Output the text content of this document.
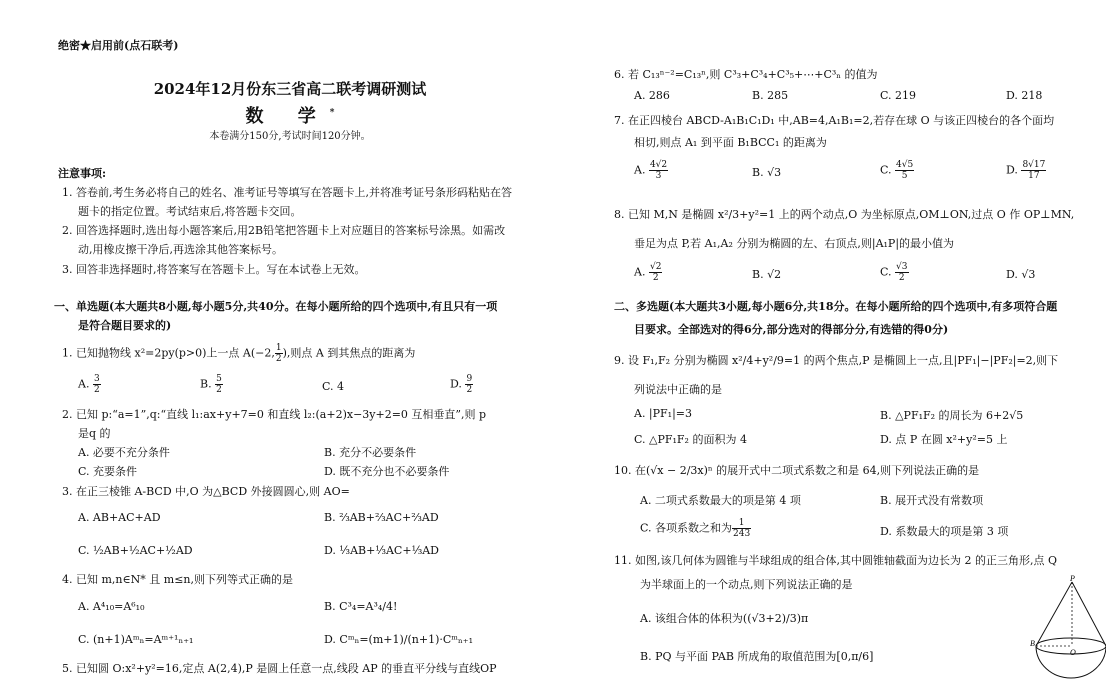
绝密★启用前(点石联考)
2024年12月份东三省高二联考调研测试
数 学*
本卷满分150分,考试时间120分钟。
注意事项:
1. 答卷前,考生务必将自己的姓名、准考证号等填写在答题卡上,并将准考证号条形码粘贴在答
题卡的指定位置。考试结束后,将答题卡交回。
2. 回答选择题时,选出每小题答案后,用2B铅笔把答题卡上对应题目的答案标号涂黑。如需改
动,用橡皮擦干净后,再选涂其他答案标号。
3. 回答非选择题时,将答案写在答题卡上。写在本试卷上无效。
一、单选题(本大题共8小题,每小题5分,共40分。在每小题所给的四个选项中,有且只有一项
是符合题目要求的)
1. 已知抛物线 x²=2py(p>0)上一点 A(−2, $\frac{1}{2}$ ),则点 A 到其焦点的距离为
A. $\frac{3}{2}$	B. $\frac{5}{2}$	C. 4	D. $\frac{9}{2}$
2. 已知 p:“a=1”,q:“直线 l₁:ax+y+7=0 和直线 l₂:(a+2)x−3y+2=0 互相垂直”,则 p
是q 的
A. 必要不充分条件	B. 充分不必要条件
C. 充要条件	D. 既不充分也不必要条件
3. 在正三棱锥 A-BCD 中,O 为△BCD 外接圆圆心,则 AO=
A. AB+AC+AD	B. ⅔AB+⅔AC+⅔AD
C. ½AB+½AC+½AD	D. ⅓AB+⅓AC+⅓AD
4. 已知 m,n∈N* 且 m≤n,则下列等式正确的是
A. A⁴₁₀=A⁶₁₀	B. C³₄=A³₄/4!
C. (n+1)Aᵐₙ=Aᵐ⁺¹ₙ₊₁	D. Cᵐₙ=(m+1)/(n+1)·Cᵐₙ₊₁
5. 已知圆 O:x²+y²=16,定点 A(2,4),P 是圆上任意一点,线段 AP 的垂直平分线与直线OP
6. 若 C₁₃ⁿ⁻²=C₁₃ⁿ,则 C³₃+C³₄+C³₅+⋯+C³ₙ 的值为
A. 286	B. 285	C. 219	D. 218
7. 在正四棱台 ABCD-A₁B₁C₁D₁ 中,AB=4,A₁B₁=2,若存在球 O 与该正四棱台的各个面均
相切,则点 A₁ 到平面 B₁BCC₁ 的距离为
A. $\frac{4√2}{3}$	B. √3	C. $\frac{4√5}{5}$	D. $\frac{8√17}{17}$
8. 已知 M,N 是椭圆 x²/3+y²=1 上的两个动点,O 为坐标原点,OM⊥ON,过点 O 作 OP⊥MN,
垂足为点 P,若 A₁,A₂ 分别为椭圆的左、右顶点,则|A₁P|的最小值为
A. $\frac{√2}{2}$	B. √2	C. $\frac{√3}{2}$	D. √3
二、多选题(本大题共3小题,每小题6分,共18分。在每小题所给的四个选项中,有多项符合题
目要求。全部选对的得6分,部分选对的得部分分,有选错的得0分)
9. 设 F₁,F₂ 分别为椭圆 x²/4+y²/9=1 的两个焦点,P 是椭圆上一点,且|PF₁|−|PF₂|=2,则下
列说法中正确的是
A. |PF₁|=3	B. △PF₁F₂ 的周长为 6+2√5
C. △PF₁F₂ 的面积为 4	D. 点 P 在圆 x²+y²=5 上
10. 在(√x − 2/3x)ⁿ 的展开式中二项式系数之和是 64,则下列说法正确的是
A. 二项式系数最大的项是第 4 项	B. 展开式没有常数项
C. 各项系数之和为 $\frac{1}{243}$	D. 系数最大的项是第 3 项
11. 如图,该几何体为圆锥与半球组成的组合体,其中圆锥轴截面为边长为 2 的正三角形,点 Q
为半球面上的一个动点,则下列说法正确的是
A. 该组合体的体积为((√3+2)/3)π
B. PQ 与平面 PAB 所成角的取值范围为[0,π/6]
P
B
O
